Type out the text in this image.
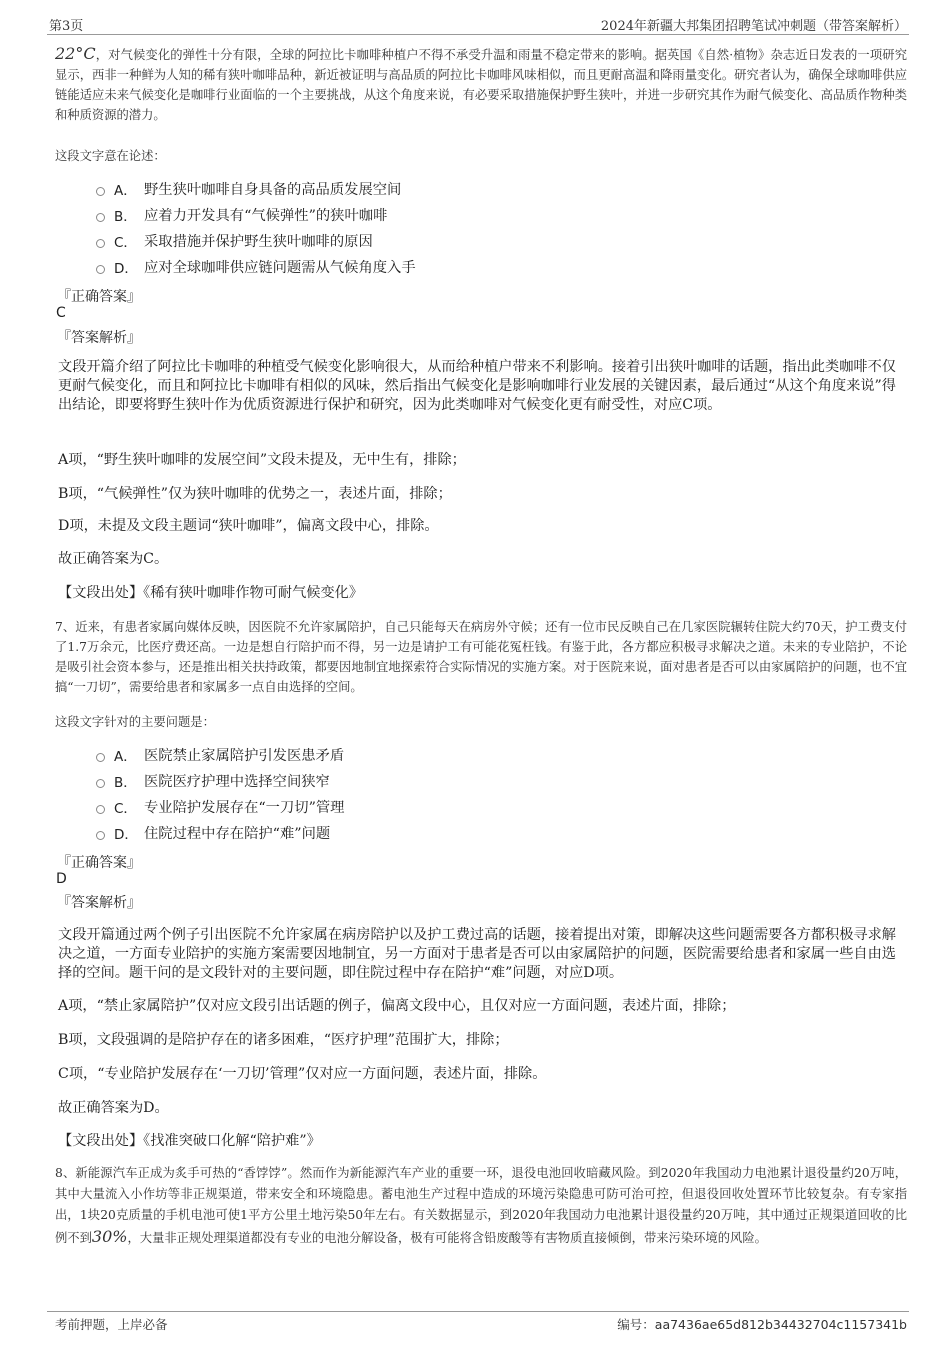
第3页	2024年新疆大邦集团招聘笔试冲刺题（带答案解析）
22°C，对气候变化的弹性十分有限，全球的阿拉比卡咖啡种植户不得不承受升温和雨量不稳定带来的影响。据英国《自然·植物》杂志近日发表的一项研究显示，西非一种鲜为人知的稀有狭叶咖啡品种，新近被证明与高品质的阿拉比卡咖啡风味相似，而且更耐高温和降雨量变化。研究者认为，确保全球咖啡供应链能适应未来气候变化是咖啡行业面临的一个主要挑战，从这个角度来说，有必要采取措施保护野生狭叶，并进一步研究其作为耐气候变化、高品质作物种类和种质资源的潜力。
这段文字意在论述：
A． 野生狭叶咖啡自身具备的高品质发展空间
B． 应着力开发具有“气候弹性”的狭叶咖啡
C． 采取措施并保护野生狭叶咖啡的原因
D． 应对全球咖啡供应链问题需从气候角度入手
『正确答案』
C
『答案解析』
文段开篇介绍了阿拉比卡咖啡的种植受气候变化影响很大，从而给种植户带来不利影响。接着引出狭叶咖啡的话题，指出此类咖啡不仅更耐气候变化，而且和阿拉比卡咖啡有相似的风味，然后指出气候变化是影响咖啡行业发展的关键因素，最后通过“从这个角度来说”得出结论，即要将野生狭叶作为优质资源进行保护和研究，因为此类咖啡对气候变化更有耐受性，对应C项。
A项，“野生狭叶咖啡的发展空间”文段未提及，无中生有，排除；
B项，“气候弹性”仅为狭叶咖啡的优势之一，表述片面，排除；
D项，未提及文段主题词“狭叶咖啡”，偏离文段中心，排除。
故正确答案为C。
【文段出处】《稀有狭叶咖啡作物可耐气候变化》
7、近来，有患者家属向媒体反映，因医院不允许家属陪护，自己只能每天在病房外守候；还有一位市民反映自己在几家医院辗转住院大约70天，护工费支付了1.7万余元，比医疗费还高。一边是想自行陪护而不得，另一边是请护工有可能花冤枉钱。有鉴于此，各方都应积极寻求解决之道。未来的专业陪护，不论是吸引社会资本参与，还是推出相关扶持政策，都要因地制宜地探索符合实际情况的实施方案。对于医院来说，面对患者是否可以由家属陪护的问题，也不宜搞“一刀切”，需要给患者和家属多一点自由选择的空间。
这段文字针对的主要问题是：
A． 医院禁止家属陪护引发医患矛盾
B． 医院医疗护理中选择空间狭窄
C． 专业陪护发展存在“一刀切”管理
D． 住院过程中存在陪护“难”问题
『正确答案』
D
『答案解析』
文段开篇通过两个例子引出医院不允许家属在病房陪护以及护工费过高的话题，接着提出对策，即解决这些问题需要各方都积极寻求解决之道，一方面专业陪护的实施方案需要因地制宜，另一方面对于患者是否可以由家属陪护的问题，医院需要给患者和家属一些自由选择的空间。题干问的是文段针对的主要问题，即住院过程中存在陪护“难”问题，对应D项。
A项，“禁止家属陪护”仅对应文段引出话题的例子，偏离文段中心，且仅对应一方面问题，表述片面，排除；
B项，文段强调的是陪护存在的诸多困难，“医疗护理”范围扩大，排除；
C项，“专业陪护发展存在‘一刀切’管理”仅对应一方面问题，表述片面，排除。
故正确答案为D。
【文段出处】《找准突破口化解“陪护难”》
8、新能源汽车正成为炙手可热的“香饽饽”。然而作为新能源汽车产业的重要一环，退役电池回收暗藏风险。到2020年我国动力电池累计退役量约20万吨，其中大量流入小作坊等非正规渠道，带来安全和环境隐患。蓄电池生产过程中造成的环境污染隐患可防可治可控，但退役回收处置环节比较复杂。有专家指出，1块20克质量的手机电池可使1平方公里土地污染50年左右。有关数据显示，到2020年我国动力电池累计退役量约20万吨，其中通过正规渠道回收的比例不到30%，大量非正规处理渠道都没有专业的电池分解设备，极有可能将含铅废酸等有害物质直接倾倒，带来污染环境的风险。
考前押题，上岸必备	编号：aa7436ae65d812b34432704c1157341b
